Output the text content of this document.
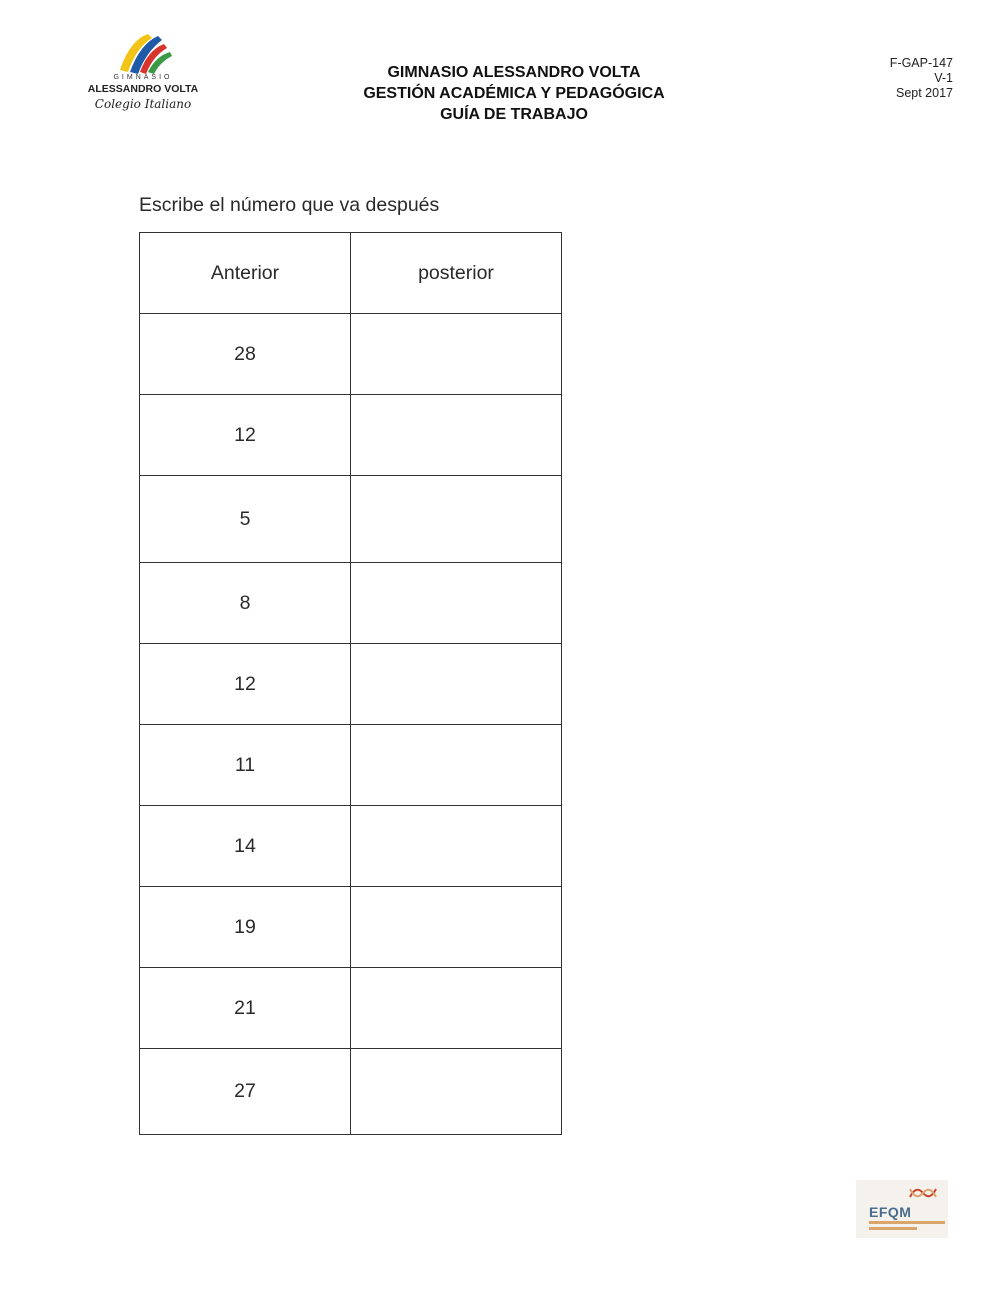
GIMNASIO
ALESSANDRO VOLTA
Colegio Italiano
GIMNASIO ALESSANDRO VOLTA
GESTIÓN ACADÉMICA Y PEDAGÓGICA
GUÍA DE TRABAJO
F-GAP-147
V-1
Sept 2017
Escribe el número que va después
Anterior	posterior
28	
12	
5	
8	
12	
11	
14	
19	
21	
27	
EFQM
